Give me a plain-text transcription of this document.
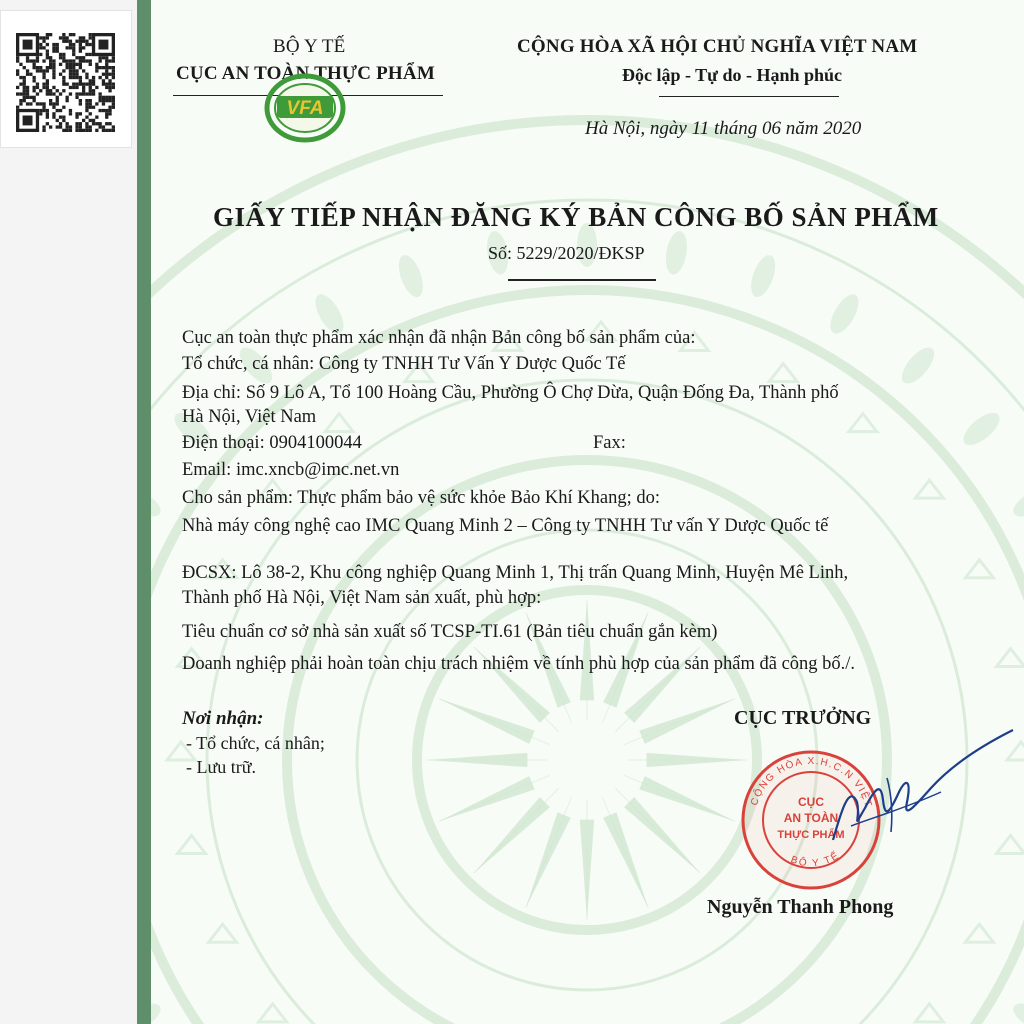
BỘ Y TẾ
CỤC AN TOÀN THỰC PHẨM
VFA
CỘNG HÒA XÃ HỘI CHỦ NGHĨA VIỆT NAM
Độc lập - Tự do - Hạnh phúc
Hà Nội, ngày 11 tháng 06 năm 2020
GIẤY TIẾP NHẬN ĐĂNG KÝ BẢN CÔNG BỐ SẢN PHẨM
Số: 5229/2020/ĐKSP
Cục an toàn thực phẩm xác nhận đã nhận Bản công bố sản phẩm của:
Tổ chức, cá nhân: Công ty TNHH Tư Vấn Y Dược Quốc Tế
Địa chỉ: Số 9 Lô A, Tổ 100 Hoàng Cầu, Phường Ô Chợ Dừa, Quận Đống Đa, Thành phố
Hà Nội, Việt Nam
Điện thoại: 0904100044	Fax:
Email: imc.xncb@imc.net.vn
Cho sản phẩm: Thực phẩm bảo vệ sức khỏe Bảo Khí Khang; do:
Nhà máy công nghệ cao IMC Quang Minh 2 – Công ty TNHH Tư vấn Y Dược Quốc tế
ĐCSX: Lô 38-2, Khu công nghiệp Quang Minh 1, Thị trấn Quang Minh, Huyện Mê Linh,
Thành phố Hà Nội, Việt Nam sản xuất, phù hợp:
Tiêu chuẩn cơ sở nhà sản xuất số TCSP-TI.61 (Bản tiêu chuẩn gắn kèm)
Doanh nghiệp phải hoàn toàn chịu trách nhiệm về tính phù hợp của sản phẩm đã công bố./.
Nơi nhận:
- Tổ chức, cá nhân;
- Lưu trữ.
CỤC TRƯỞNG
CỘNG HÒA X.H.C.N VIỆT
BỘ Y TẾ
CỤC
AN TOÀN
THỰC PHẨM
Nguyễn Thanh Phong
